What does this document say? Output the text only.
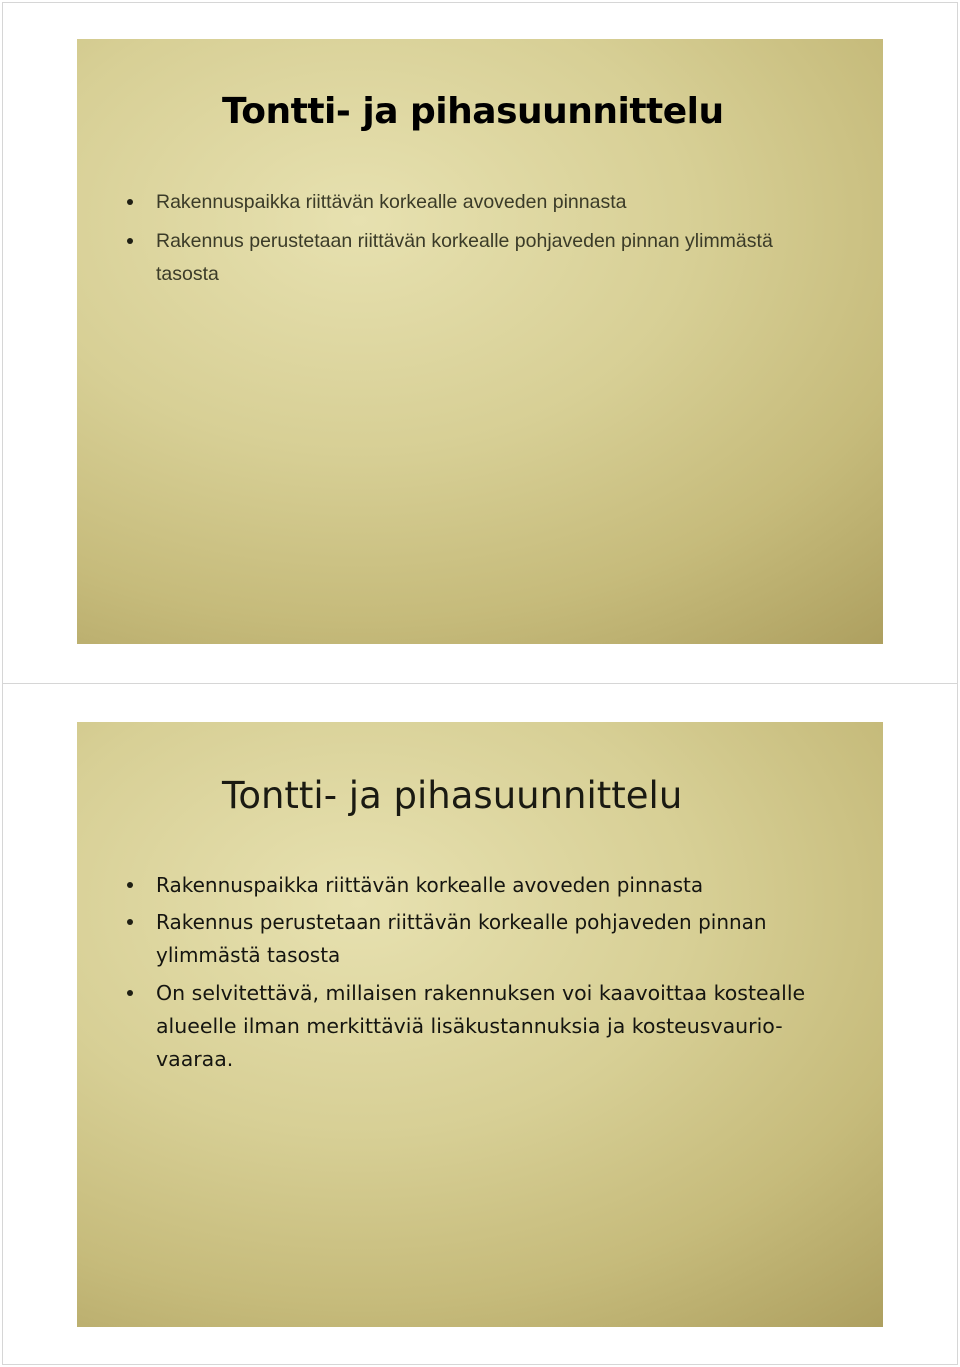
Tontti- ja pihasuunnittelu
Rakennuspaikka riittävän korkealle avoveden pinnasta
Rakennus perustetaan riittävän korkealle pohjaveden pinnan ylimmästä tasosta
Tontti- ja pihasuunnittelu
Rakennuspaikka riittävän korkealle avoveden pinnasta
Rakennus perustetaan riittävän korkealle pohjaveden pinnan ylimmästä tasosta
On selvitettävä, millaisen rakennuksen voi kaavoittaa kostealle alueelle ilman merkittäviä lisäkustannuksia ja kosteusvaurio-vaaraa.
